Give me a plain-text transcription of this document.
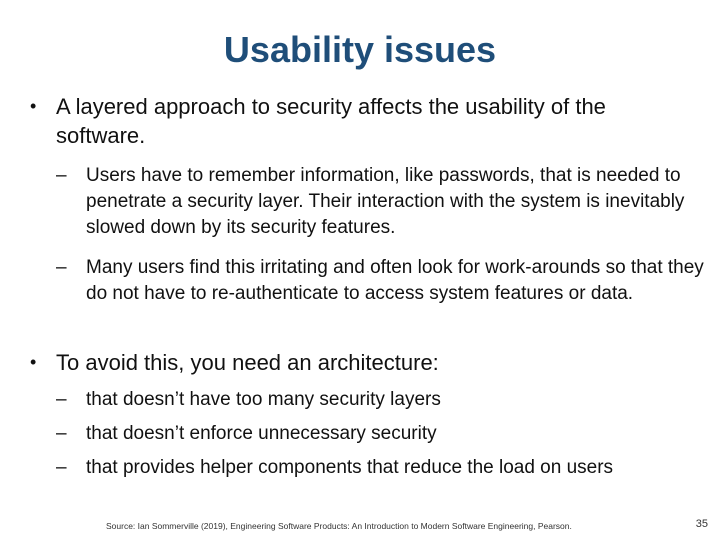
Usability issues
• A layered approach to security affects the usability of the software.
– Users have to remember information, like passwords, that is needed to penetrate a security layer. Their interaction with the system is inevitably slowed down by its security features.
– Many users find this irritating and often look for work-arounds so that they do not have to re-authenticate to access system features or data.
• To avoid this, you need an architecture:
– that doesn’t have too many security layers
– that doesn’t enforce unnecessary security
– that provides helper components that reduce the load on users
Source: Ian Sommerville (2019), Engineering Software Products: An Introduction to Modern Software Engineering, Pearson.	35
